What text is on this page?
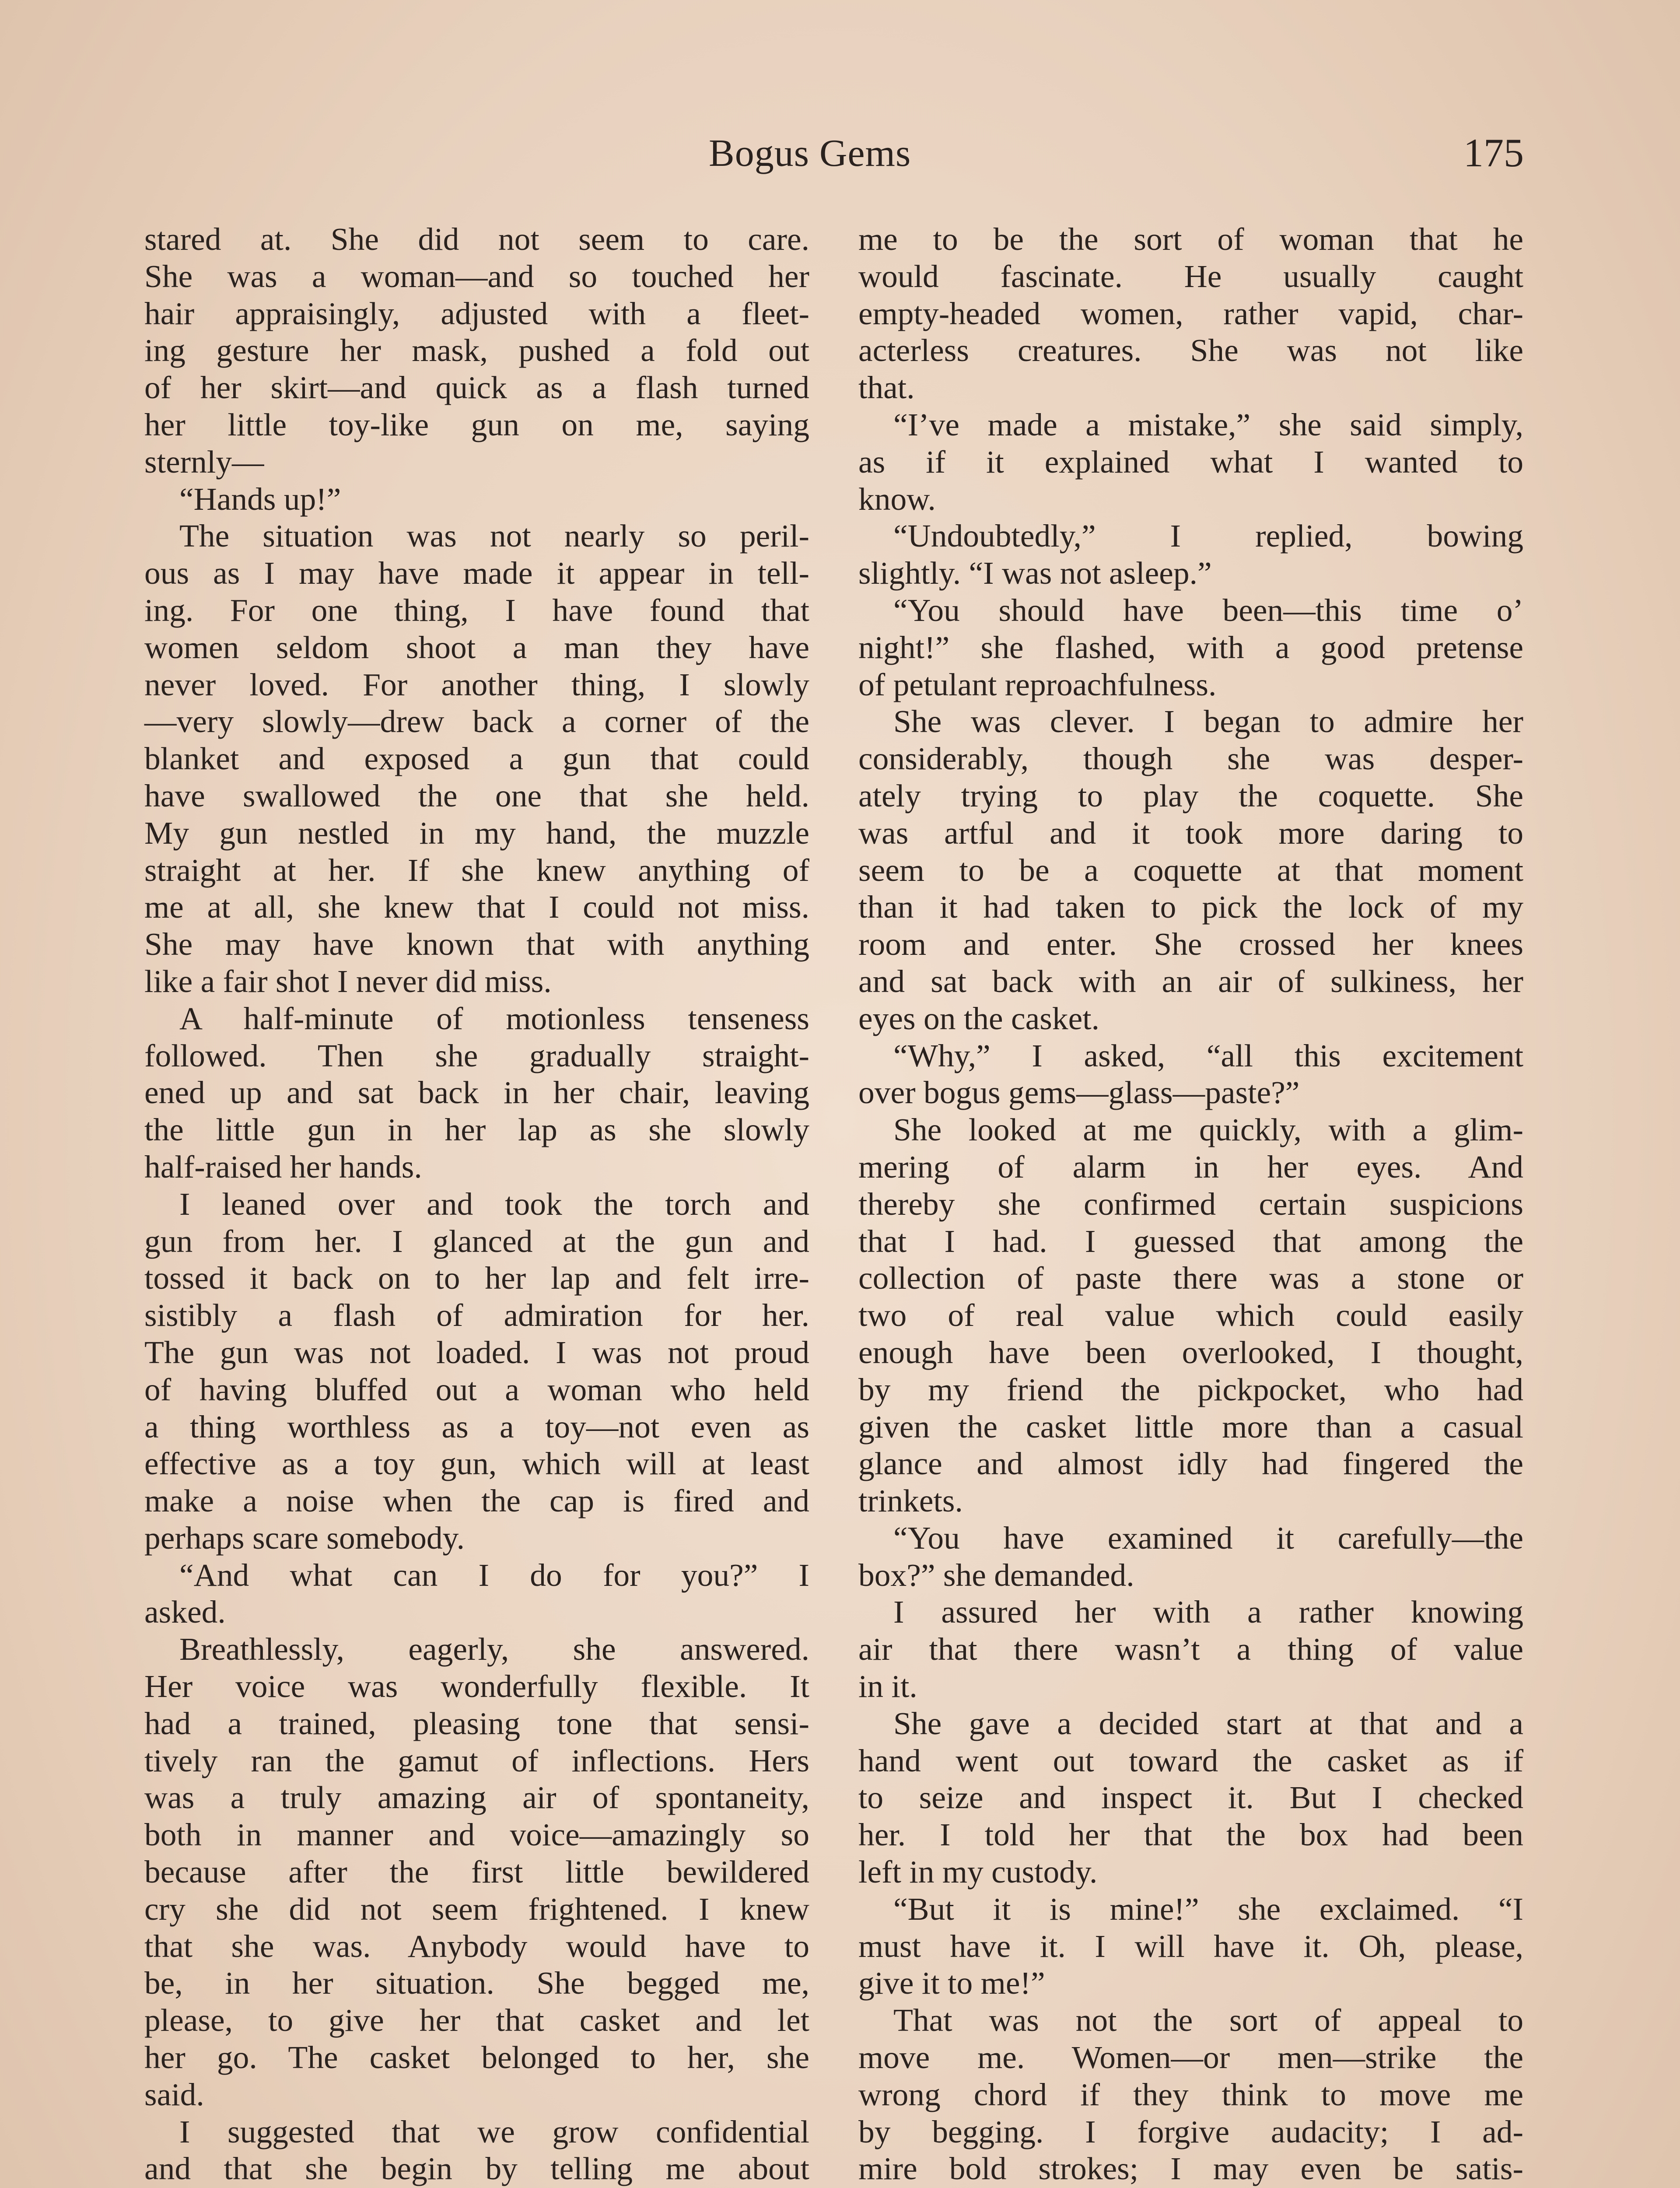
Bogus Gems	175
stared at. She did not seem to care.
She was a woman—and so touched her
hair appraisingly, adjusted with a fleet-
ing gesture her mask, pushed a fold out
of her skirt—and quick as a flash turned
her little toy-like gun on me, saying
sternly—
“Hands up!”
The situation was not nearly so peril-
ous as I may have made it appear in tell-
ing. For one thing, I have found that
women seldom shoot a man they have
never loved. For another thing, I slowly
—very slowly—drew back a corner of the
blanket and exposed a gun that could
have swallowed the one that she held.
My gun nestled in my hand, the muzzle
straight at her. If she knew anything of
me at all, she knew that I could not miss.
She may have known that with anything
like a fair shot I never did miss.
A half-minute of motionless tenseness
followed. Then she gradually straight-
ened up and sat back in her chair, leaving
the little gun in her lap as she slowly
half-raised her hands.
I leaned over and took the torch and
gun from her. I glanced at the gun and
tossed it back on to her lap and felt irre-
sistibly a flash of admiration for her.
The gun was not loaded. I was not proud
of having bluffed out a woman who held
a thing worthless as a toy—not even as
effective as a toy gun, which will at least
make a noise when the cap is fired and
perhaps scare somebody.
“And what can I do for you?” I
asked.
Breathlessly, eagerly, she answered.
Her voice was wonderfully flexible. It
had a trained, pleasing tone that sensi-
tively ran the gamut of inflections. Hers
was a truly amazing air of spontaneity,
both in manner and voice—amazingly so
because after the first little bewildered
cry she did not seem frightened. I knew
that she was. Anybody would have to
be, in her situation. She begged me,
please, to give her that casket and let
her go. The casket belonged to her, she
said.
I suggested that we grow confidential
and that she begin by telling me about
me to be the sort of woman that he
would fascinate. He usually caught
empty-headed women, rather vapid, char-
acterless creatures. She was not like
that.
“I’ve made a mistake,” she said simply,
as if it explained what I wanted to
know.
“Undoubtedly,” I replied, bowing
slightly. “I was not asleep.”
“You should have been—this time o’
night!” she flashed, with a good pretense
of petulant reproachfulness.
She was clever. I began to admire her
considerably, though she was desper-
ately trying to play the coquette. She
was artful and it took more daring to
seem to be a coquette at that moment
than it had taken to pick the lock of my
room and enter. She crossed her knees
and sat back with an air of sulkiness, her
eyes on the casket.
“Why,” I asked, “all this excitement
over bogus gems—glass—paste?”
She looked at me quickly, with a glim-
mering of alarm in her eyes. And
thereby she confirmed certain suspicions
that I had. I guessed that among the
collection of paste there was a stone or
two of real value which could easily
enough have been overlooked, I thought,
by my friend the pickpocket, who had
given the casket little more than a casual
glance and almost idly had fingered the
trinkets.
“You have examined it carefully—the
box?” she demanded.
I assured her with a rather knowing
air that there wasn’t a thing of value
in it.
She gave a decided start at that and a
hand went out toward the casket as if
to seize and inspect it. But I checked
her. I told her that the box had been
left in my custody.
“But it is mine!” she exclaimed. “I
must have it. I will have it. Oh, please,
give it to me!”
That was not the sort of appeal to
move me. Women—or men—strike the
wrong chord if they think to move me
by begging. I forgive audacity; I ad-
mire bold strokes; I may even be satis-
